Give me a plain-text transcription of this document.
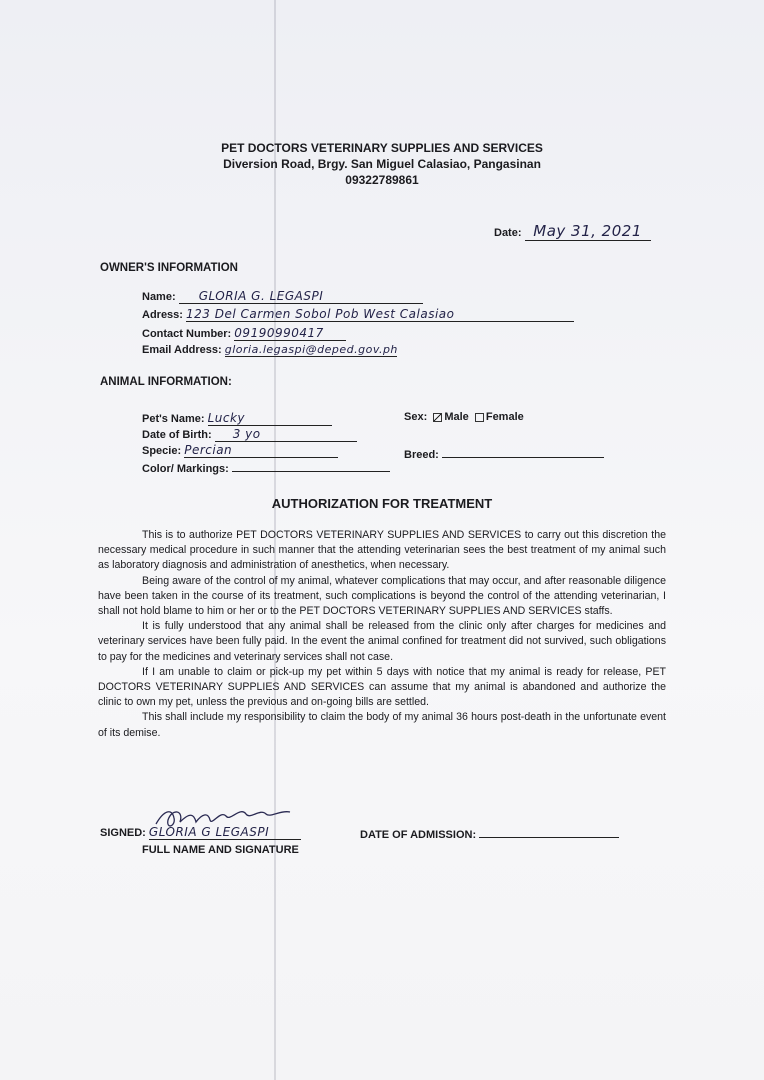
PET DOCTORS VETERINARY SUPPLIES AND SERVICES
Diversion Road, Brgy. San Miguel Calasiao, Pangasinan
09322789861
Date: May 31, 2021
OWNER'S INFORMATION
Name: GLORIA G. LEGASPI
Adress: 123 Del Carmen Sobol Pob West Calasiao
Contact Number: 09190990417
Email Address: gloria.legaspi@deped.gov.ph
ANIMAL INFORMATION:
Pet's Name: Lucky
Date of Birth: 3 yo
Specie: Percian
Color/ Markings:
Sex: Male Female
Breed:
AUTHORIZATION FOR TREATMENT

This is to authorize PET DOCTORS VETERINARY SUPPLIES AND SERVICES to carry out this discretion the necessary medical procedure in such manner that the attending veterinarian sees the best treatment of my animal such as laboratory diagnosis and administration of anesthetics, when necessary.

Being aware of the control of my animal, whatever complications that may occur, and after reasonable diligence have been taken in the course of its treatment, such complications is beyond the control of the attending veterinarian, I shall not hold blame to him or her or to the PET DOCTORS VETERINARY SUPPLIES AND SERVICES staffs.

It is fully understood that any animal shall be released from the clinic only after charges for medicines and veterinary services have been fully paid. In the event the animal confined for treatment did not survived, such obligations to pay for the medicines and veterinary services shall not case.

If I am unable to claim or pick-up my pet within 5 days with notice that my animal is ready for release, PET DOCTORS VETERINARY SUPPLIES AND SERVICES can assume that my animal is abandoned and authorize the clinic to own my pet, unless the previous and on-going bills are settled.

This shall include my responsibility to claim the body of my animal 36 hours post-death in the unfortunate event of its demise.

SIGNED: GLORIA G LEGASPI
FULL NAME AND SIGNATURE
DATE OF ADMISSION:
